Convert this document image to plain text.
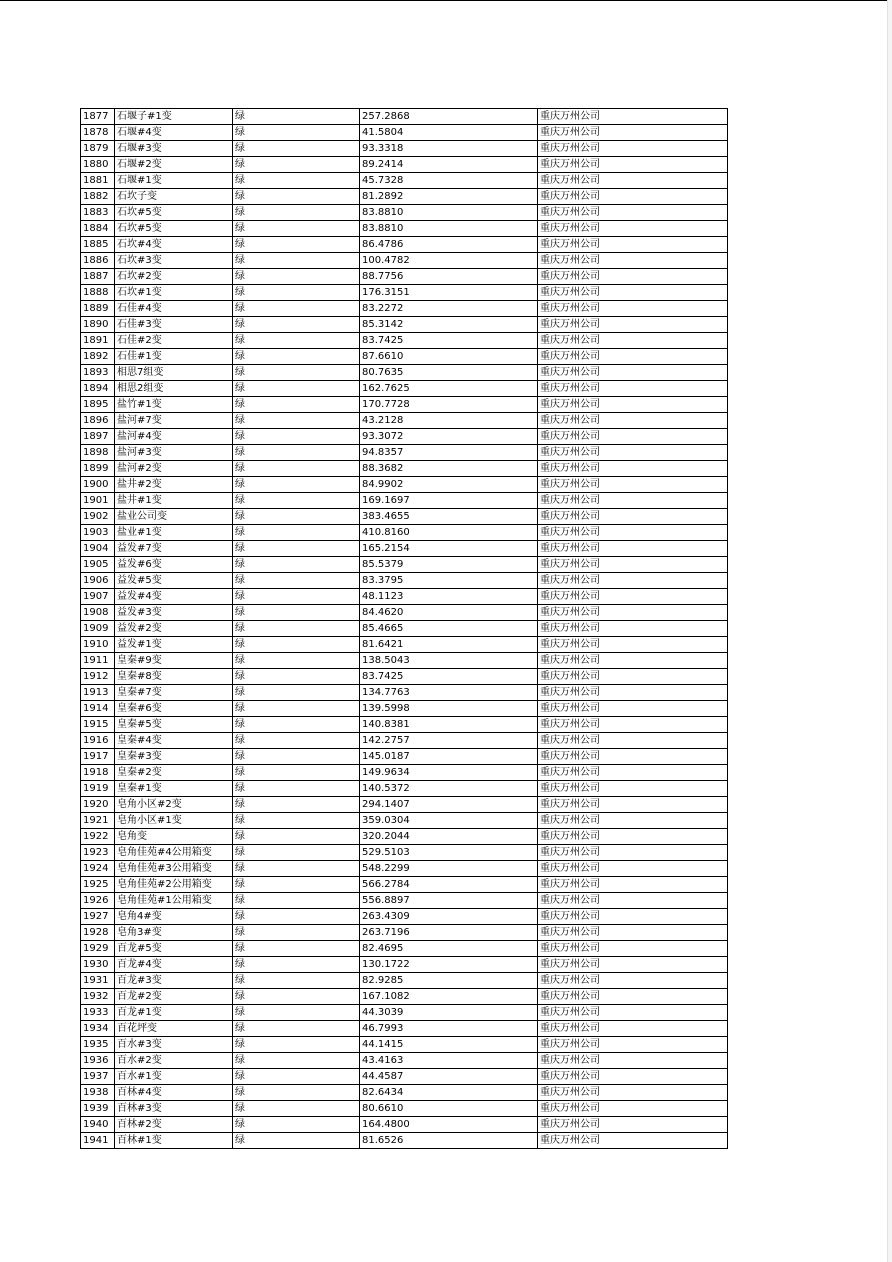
1877	石堰子#1变	绿	257.2868	重庆万州公司
1878	石堰#4变	绿	41.5804	重庆万州公司
1879	石堰#3变	绿	93.3318	重庆万州公司
1880	石堰#2变	绿	89.2414	重庆万州公司
1881	石堰#1变	绿	45.7328	重庆万州公司
1882	石坎子变	绿	81.2892	重庆万州公司
1883	石坎#5变	绿	83.8810	重庆万州公司
1884	石坎#5变	绿	83.8810	重庆万州公司
1885	石坎#4变	绿	86.4786	重庆万州公司
1886	石坎#3变	绿	100.4782	重庆万州公司
1887	石坎#2变	绿	88.7756	重庆万州公司
1888	石坎#1变	绿	176.3151	重庆万州公司
1889	石佳#4变	绿	83.2272	重庆万州公司
1890	石佳#3变	绿	85.3142	重庆万州公司
1891	石佳#2变	绿	83.7425	重庆万州公司
1892	石佳#1变	绿	87.6610	重庆万州公司
1893	相思7组变	绿	80.7635	重庆万州公司
1894	相思2组变	绿	162.7625	重庆万州公司
1895	盐竹#1变	绿	170.7728	重庆万州公司
1896	盐河#7变	绿	43.2128	重庆万州公司
1897	盐河#4变	绿	93.3072	重庆万州公司
1898	盐河#3变	绿	94.8357	重庆万州公司
1899	盐河#2变	绿	88.3682	重庆万州公司
1900	盐井#2变	绿	84.9902	重庆万州公司
1901	盐井#1变	绿	169.1697	重庆万州公司
1902	盐业公司变	绿	383.4655	重庆万州公司
1903	盐业#1变	绿	410.8160	重庆万州公司
1904	益发#7变	绿	165.2154	重庆万州公司
1905	益发#6变	绿	85.5379	重庆万州公司
1906	益发#5变	绿	83.3795	重庆万州公司
1907	益发#4变	绿	48.1123	重庆万州公司
1908	益发#3变	绿	84.4620	重庆万州公司
1909	益发#2变	绿	85.4665	重庆万州公司
1910	益发#1变	绿	81.6421	重庆万州公司
1911	皇秦#9变	绿	138.5043	重庆万州公司
1912	皇秦#8变	绿	83.7425	重庆万州公司
1913	皇秦#7变	绿	134.7763	重庆万州公司
1914	皇秦#6变	绿	139.5998	重庆万州公司
1915	皇秦#5变	绿	140.8381	重庆万州公司
1916	皇秦#4变	绿	142.2757	重庆万州公司
1917	皇秦#3变	绿	145.0187	重庆万州公司
1918	皇秦#2变	绿	149.9634	重庆万州公司
1919	皇秦#1变	绿	140.5372	重庆万州公司
1920	皂角小区#2变	绿	294.1407	重庆万州公司
1921	皂角小区#1变	绿	359.0304	重庆万州公司
1922	皂角变	绿	320.2044	重庆万州公司
1923	皂角佳苑#4公用箱变	绿	529.5103	重庆万州公司
1924	皂角佳苑#3公用箱变	绿	548.2299	重庆万州公司
1925	皂角佳苑#2公用箱变	绿	566.2784	重庆万州公司
1926	皂角佳苑#1公用箱变	绿	556.8897	重庆万州公司
1927	皂角4#变	绿	263.4309	重庆万州公司
1928	皂角3#变	绿	263.7196	重庆万州公司
1929	百龙#5变	绿	82.4695	重庆万州公司
1930	百龙#4变	绿	130.1722	重庆万州公司
1931	百龙#3变	绿	82.9285	重庆万州公司
1932	百龙#2变	绿	167.1082	重庆万州公司
1933	百龙#1变	绿	44.3039	重庆万州公司
1934	百花坪变	绿	46.7993	重庆万州公司
1935	百水#3变	绿	44.1415	重庆万州公司
1936	百水#2变	绿	43.4163	重庆万州公司
1937	百水#1变	绿	44.4587	重庆万州公司
1938	百林#4变	绿	82.6434	重庆万州公司
1939	百林#3变	绿	80.6610	重庆万州公司
1940	百林#2变	绿	164.4800	重庆万州公司
1941	百林#1变	绿	81.6526	重庆万州公司
